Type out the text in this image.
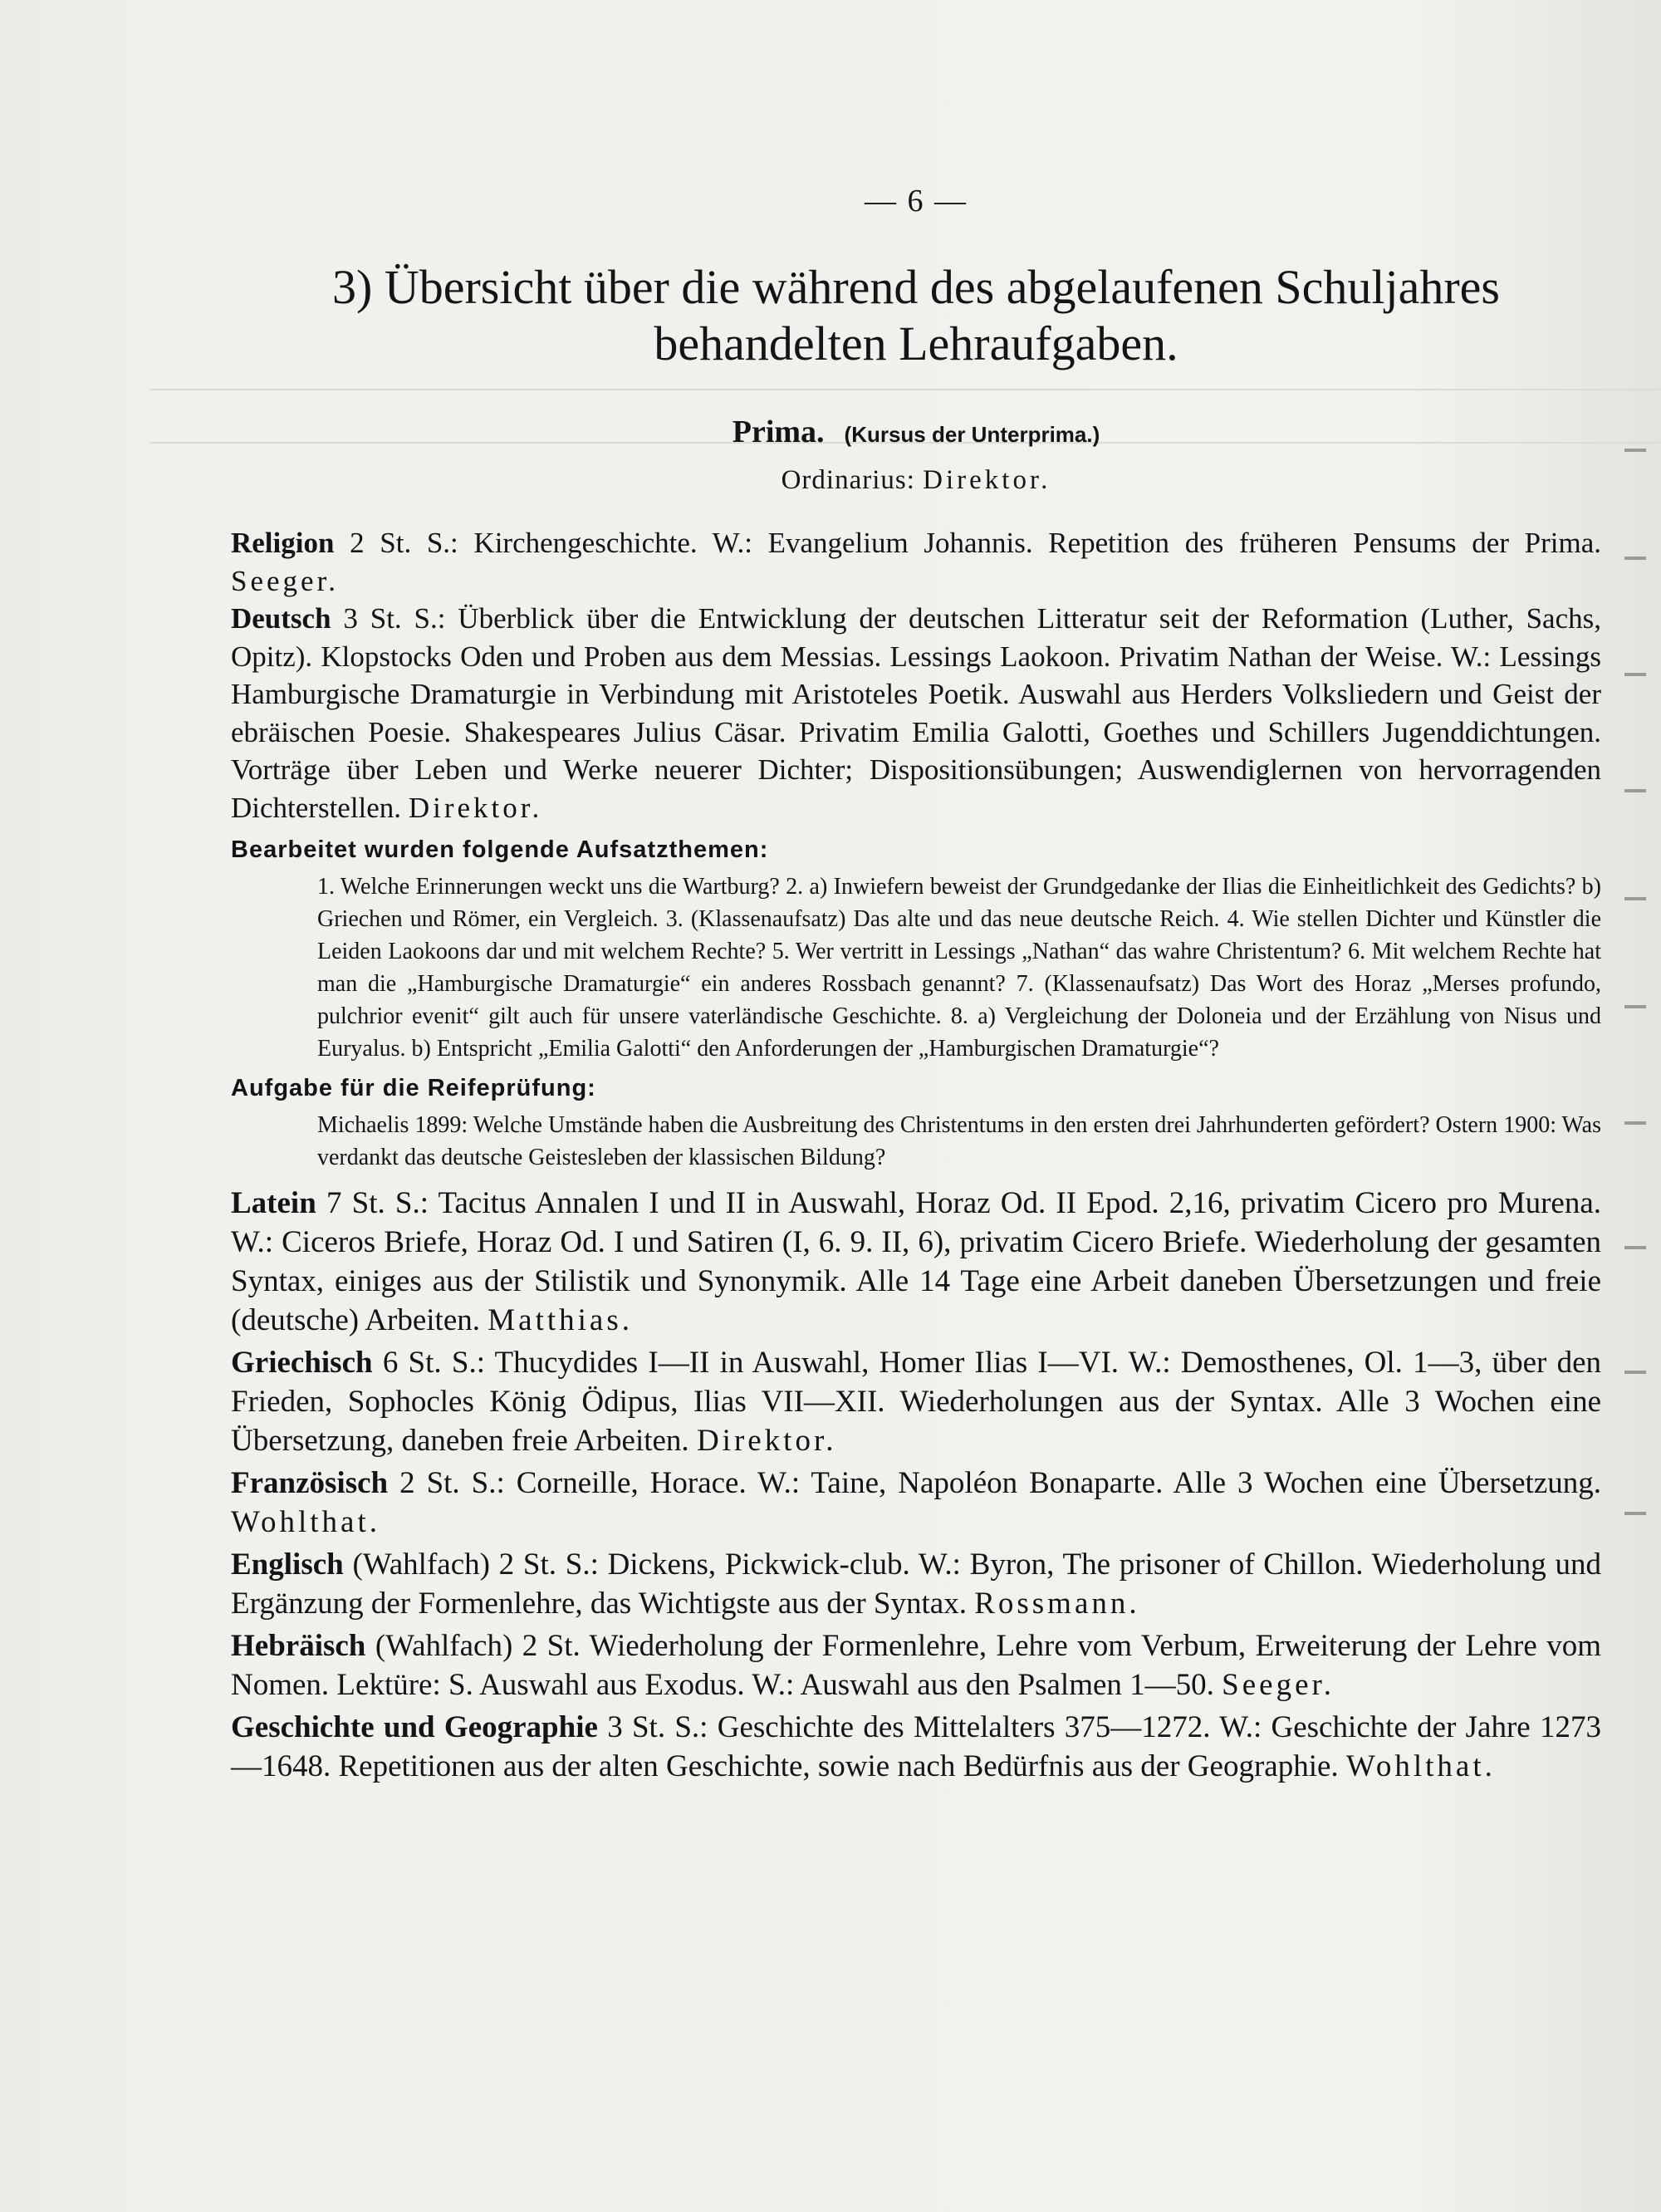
— 6 —
3) Übersicht über die während des abgelaufenen Schuljahres
behandelten Lehraufgaben.
Prima. (Kursus der Unterprima.)
Ordinarius: Direktor.
Religion 2 St. S.: Kirchengeschichte. W.: Evangelium Johannis. Repetition des früheren Pensums der Prima. Seeger.
Deutsch 3 St. S.: Überblick über die Entwicklung der deutschen Litteratur seit der Reformation (Luther, Sachs, Opitz). Klopstocks Oden und Proben aus dem Messias. Lessings Laokoon. Privatim Nathan der Weise. W.: Lessings Hamburgische Dramaturgie in Verbindung mit Aristoteles Poetik. Auswahl aus Herders Volksliedern und Geist der ebräischen Poesie. Shakespeares Julius Cäsar. Privatim Emilia Galotti, Goethes und Schillers Jugenddichtungen. Vorträge über Leben und Werke neuerer Dichter; Dispositionsübungen; Auswendiglernen von hervorragenden Dichterstellen. Direktor.
Bearbeitet wurden folgende Aufsatzthemen:
1. Welche Erinnerungen weckt uns die Wartburg? 2. a) Inwiefern beweist der Grundgedanke der Ilias die Einheitlichkeit des Gedichts? b) Griechen und Römer, ein Vergleich. 3. (Klassenaufsatz) Das alte und das neue deutsche Reich. 4. Wie stellen Dichter und Künstler die Leiden Laokoons dar und mit welchem Rechte? 5. Wer vertritt in Lessings „Nathan“ das wahre Christentum? 6. Mit welchem Rechte hat man die „Hamburgische Dramaturgie“ ein anderes Rossbach genannt? 7. (Klassenaufsatz) Das Wort des Horaz „Merses profundo, pulchrior evenit“ gilt auch für unsere vaterländische Geschichte. 8. a) Vergleichung der Doloneia und der Erzählung von Nisus und Euryalus. b) Entspricht „Emilia Galotti“ den Anforderungen der „Hamburgischen Dramaturgie“?
Aufgabe für die Reifeprüfung:
Michaelis 1899: Welche Umstände haben die Ausbreitung des Christentums in den ersten drei Jahrhunderten gefördert? Ostern 1900: Was verdankt das deutsche Geistesleben der klassischen Bildung?
Latein 7 St. S.: Tacitus Annalen I und II in Auswahl, Horaz Od. II Epod. 2,16, privatim Cicero pro Murena. W.: Ciceros Briefe, Horaz Od. I und Satiren (I, 6. 9. II, 6), privatim Cicero Briefe. Wiederholung der gesamten Syntax, einiges aus der Stilistik und Synonymik. Alle 14 Tage eine Arbeit daneben Übersetzungen und freie (deutsche) Arbeiten. Matthias.
Griechisch 6 St. S.: Thucydides I—II in Auswahl, Homer Ilias I—VI. W.: Demosthenes, Ol. 1—3, über den Frieden, Sophocles König Ödipus, Ilias VII—XII. Wiederholungen aus der Syntax. Alle 3 Wochen eine Übersetzung, daneben freie Arbeiten. Direktor.
Französisch 2 St. S.: Corneille, Horace. W.: Taine, Napoléon Bonaparte. Alle 3 Wochen eine Übersetzung. Wohlthat.
Englisch (Wahlfach) 2 St. S.: Dickens, Pickwick-club. W.: Byron, The prisoner of Chillon. Wiederholung und Ergänzung der Formenlehre, das Wichtigste aus der Syntax. Rossmann.
Hebräisch (Wahlfach) 2 St. Wiederholung der Formenlehre, Lehre vom Verbum, Erweiterung der Lehre vom Nomen. Lektüre: S. Auswahl aus Exodus. W.: Auswahl aus den Psalmen 1—50. Seeger.
Geschichte und Geographie 3 St. S.: Geschichte des Mittelalters 375—1272. W.: Geschichte der Jahre 1273—1648. Repetitionen aus der alten Geschichte, sowie nach Bedürfnis aus der Geographie. Wohlthat.
